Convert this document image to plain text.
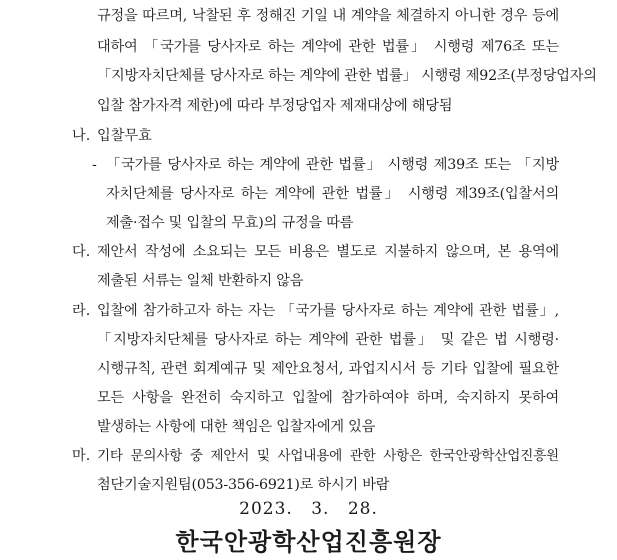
규정을 따르며, 낙찰된 후 정해진 기일 내 계약을 체결하지 아니한 경우 등에
대하여 「국가를 당사자로 하는 계약에 관한 법률」 시행령 제76조 또는
「지방자치단체를 당사자로 하는 계약에 관한 법률」 시행령 제92조(부정당업자의
입찰 참가자격 제한)에 따라 부정당업자 제재대상에 해당됨
나. 입찰무효
- 「국가를 당사자로 하는 계약에 관한 법률」 시행령 제39조 또는 「지방
자치단체를 당사자로 하는 계약에 관한 법률」 시행령 제39조(입찰서의
제출·접수 및 입찰의 무효)의 규정을 따름
다. 제안서 작성에 소요되는 모든 비용은 별도로 지불하지 않으며, 본 용역에
제출된 서류는 일체 반환하지 않음
라. 입찰에 참가하고자 하는 자는 「국가를 당사자로 하는 계약에 관한 법률」,
「지방자치단체를 당사자로 하는 계약에 관한 법률」 및 같은 법 시행령·
시행규칙, 관련 회계예규 및 제안요청서, 과업지시서 등 기타 입찰에 필요한
모든 사항을 완전히 숙지하고 입찰에 참가하여야 하며, 숙지하지 못하여
발생하는 사항에 대한 책임은 입찰자에게 있음
마. 기타 문의사항 중 제안서 및 사업내용에 관한 사항은 한국안광학산업진흥원
첨단기술지원팀(053-356-6921)로 하시기 바람
2023. 3. 28.
한국안광학산업진흥원장
